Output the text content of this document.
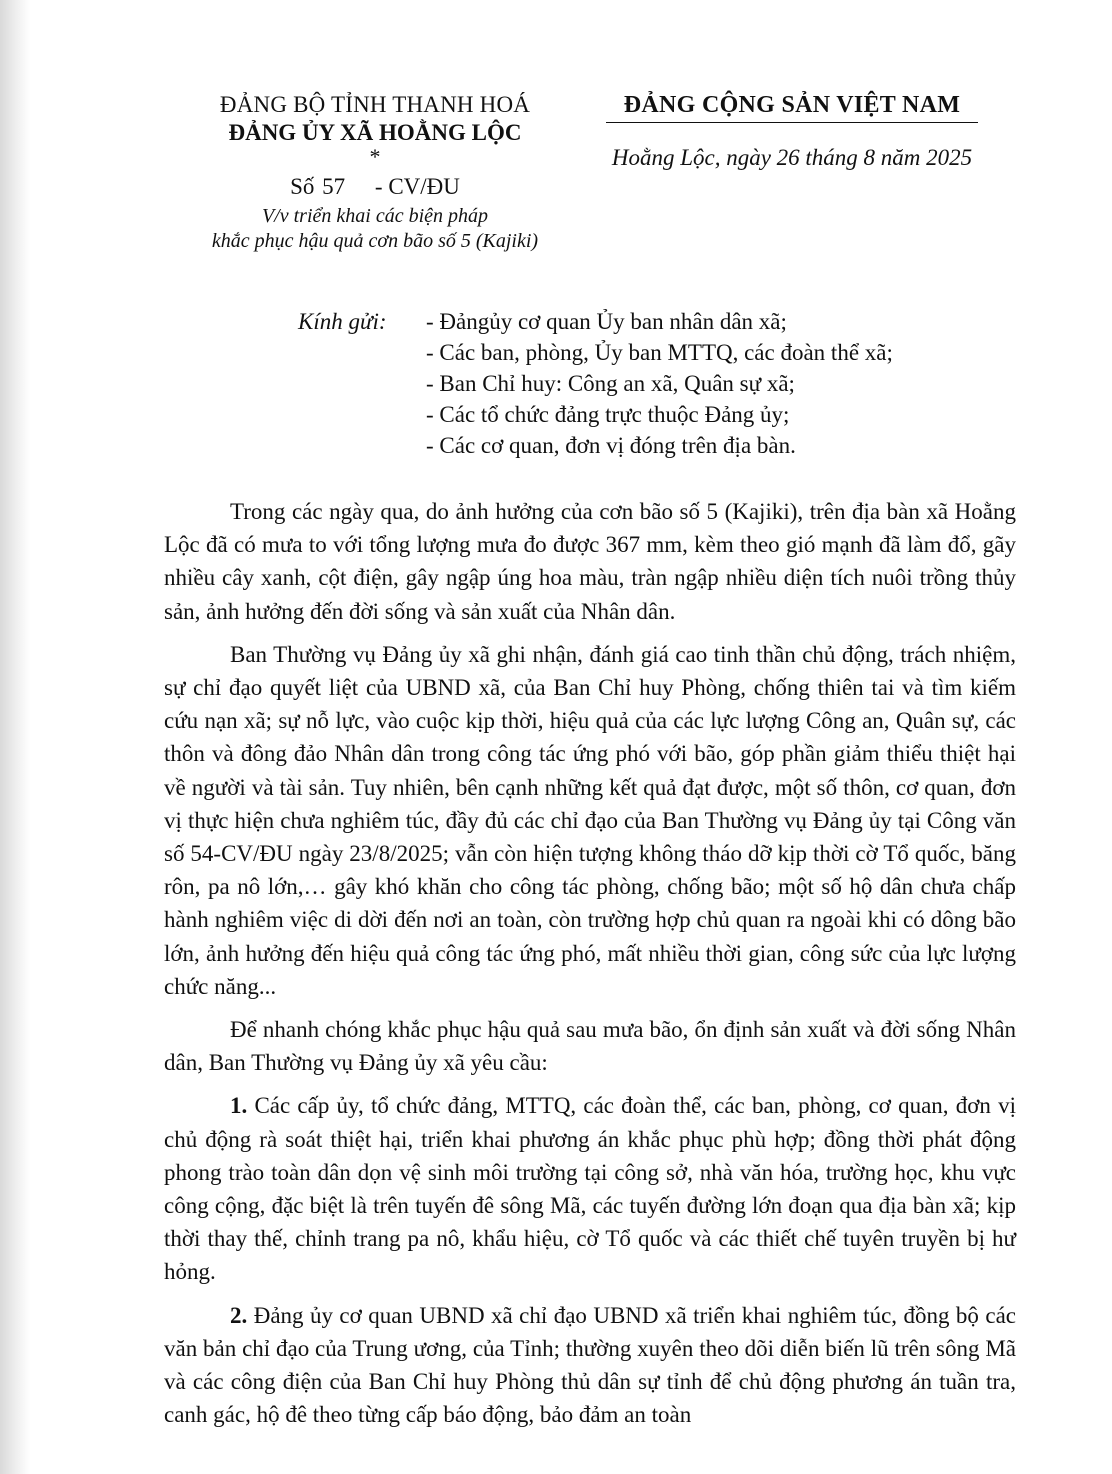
ĐẢNG BỘ TỈNH THANH HOÁ
ĐẢNG ỦY XÃ HOẰNG LỘC
*
Số 57 - CV/ĐU
V/v triển khai các biện pháp
khắc phục hậu quả cơn bão số 5 (Kajiki)
ĐẢNG CỘNG SẢN VIỆT NAM
Hoằng Lộc, ngày 26 tháng 8 năm 2025
Kính gửi: - Đảngủy cơ quan Ủy ban nhân dân xã;
- Các ban, phòng, Ủy ban MTTQ, các đoàn thể xã;
- Ban Chỉ huy: Công an xã, Quân sự xã;
- Các tổ chức đảng trực thuộc Đảng ủy;
- Các cơ quan, đơn vị đóng trên địa bàn.

Trong các ngày qua, do ảnh hưởng của cơn bão số 5 (Kajiki), trên địa bàn xã Hoằng Lộc đã có mưa to với tổng lượng mưa đo được 367 mm, kèm theo gió mạnh đã làm đổ, gãy nhiều cây xanh, cột điện, gây ngập úng hoa màu, tràn ngập nhiều diện tích nuôi trồng thủy sản, ảnh hưởng đến đời sống và sản xuất của Nhân dân.

Ban Thường vụ Đảng ủy xã ghi nhận, đánh giá cao tinh thần chủ động, trách nhiệm, sự chỉ đạo quyết liệt của UBND xã, của Ban Chỉ huy Phòng, chống thiên tai và tìm kiếm cứu nạn xã; sự nỗ lực, vào cuộc kịp thời, hiệu quả của các lực lượng Công an, Quân sự, các thôn và đông đảo Nhân dân trong công tác ứng phó với bão, góp phần giảm thiểu thiệt hại về người và tài sản. Tuy nhiên, bên cạnh những kết quả đạt được, một số thôn, cơ quan, đơn vị thực hiện chưa nghiêm túc, đầy đủ các chỉ đạo của Ban Thường vụ Đảng ủy tại Công văn số 54-CV/ĐU ngày 23/8/2025; vẫn còn hiện tượng không tháo dỡ kịp thời cờ Tổ quốc, băng rôn, pa nô lớn,… gây khó khăn cho công tác phòng, chống bão; một số hộ dân chưa chấp hành nghiêm việc di dời đến nơi an toàn, còn trường hợp chủ quan ra ngoài khi có dông bão lớn, ảnh hưởng đến hiệu quả công tác ứng phó, mất nhiều thời gian, công sức của lực lượng chức năng...

Để nhanh chóng khắc phục hậu quả sau mưa bão, ổn định sản xuất và đời sống Nhân dân, Ban Thường vụ Đảng ủy xã yêu cầu:

1. Các cấp ủy, tổ chức đảng, MTTQ, các đoàn thể, các ban, phòng, cơ quan, đơn vị chủ động rà soát thiệt hại, triển khai phương án khắc phục phù hợp; đồng thời phát động phong trào toàn dân dọn vệ sinh môi trường tại công sở, nhà văn hóa, trường học, khu vực công cộng, đặc biệt là trên tuyến đê sông Mã, các tuyến đường lớn đoạn qua địa bàn xã; kịp thời thay thế, chỉnh trang pa nô, khẩu hiệu, cờ Tổ quốc và các thiết chế tuyên truyền bị hư hỏng.

2. Đảng ủy cơ quan UBND xã chỉ đạo UBND xã triển khai nghiêm túc, đồng bộ các văn bản chỉ đạo của Trung ương, của Tỉnh; thường xuyên theo dõi diễn biến lũ trên sông Mã và các công điện của Ban Chỉ huy Phòng thủ dân sự tỉnh để chủ động phương án tuần tra, canh gác, hộ đê theo từng cấp báo động, bảo đảm an toàn
